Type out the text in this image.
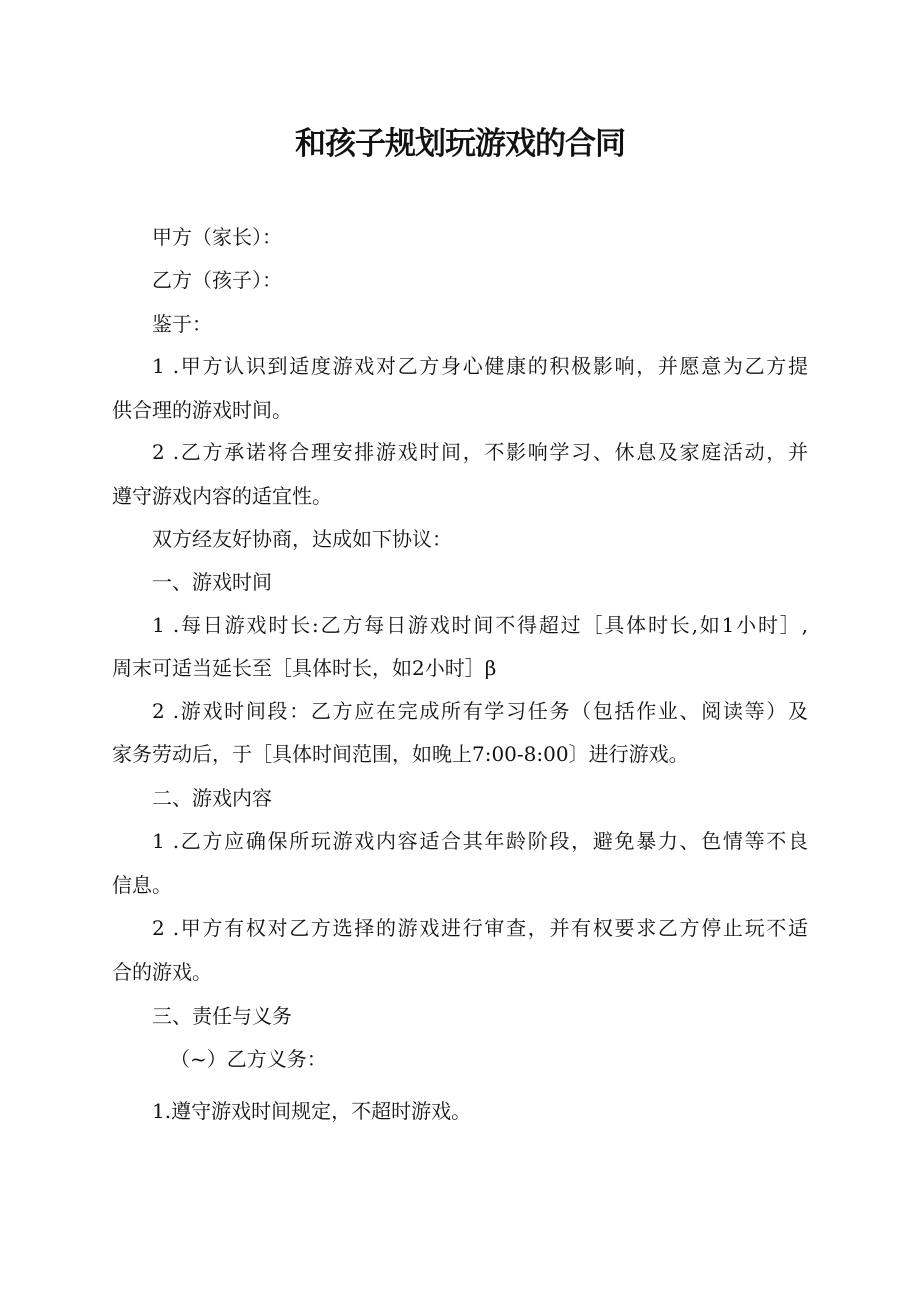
和孩子规划玩游戏的合同
甲方（家长）：
乙方（孩子）：
鉴于：
1 .甲方认识到适度游戏对乙方身心健康的积极影响，并愿意为乙方提
供合理的游戏时间。
2 .乙方承诺将合理安排游戏时间，不影响学习、休息及家庭活动，并
遵守游戏内容的适宜性。
双方经友好协商，达成如下协议：
一、游戏时间
1 .每日游戏时长:乙方每日游戏时间不得超过［具体时长,如1小时］,
周末可适当延长至［具体时长，如2小时］β
2 .游戏时间段：乙方应在完成所有学习任务（包括作业、阅读等）及
家务劳动后，于［具体时间范围，如晚上7:00-8:00〕进行游戏。
二、游戏内容
1 .乙方应确保所玩游戏内容适合其年龄阶段，避免暴力、色情等不良
信息。
2 .甲方有权对乙方选择的游戏进行审查，并有权要求乙方停止玩不适
合的游戏。
三、责任与义务
（~）乙方义务：
1.遵守游戏时间规定，不超时游戏。
